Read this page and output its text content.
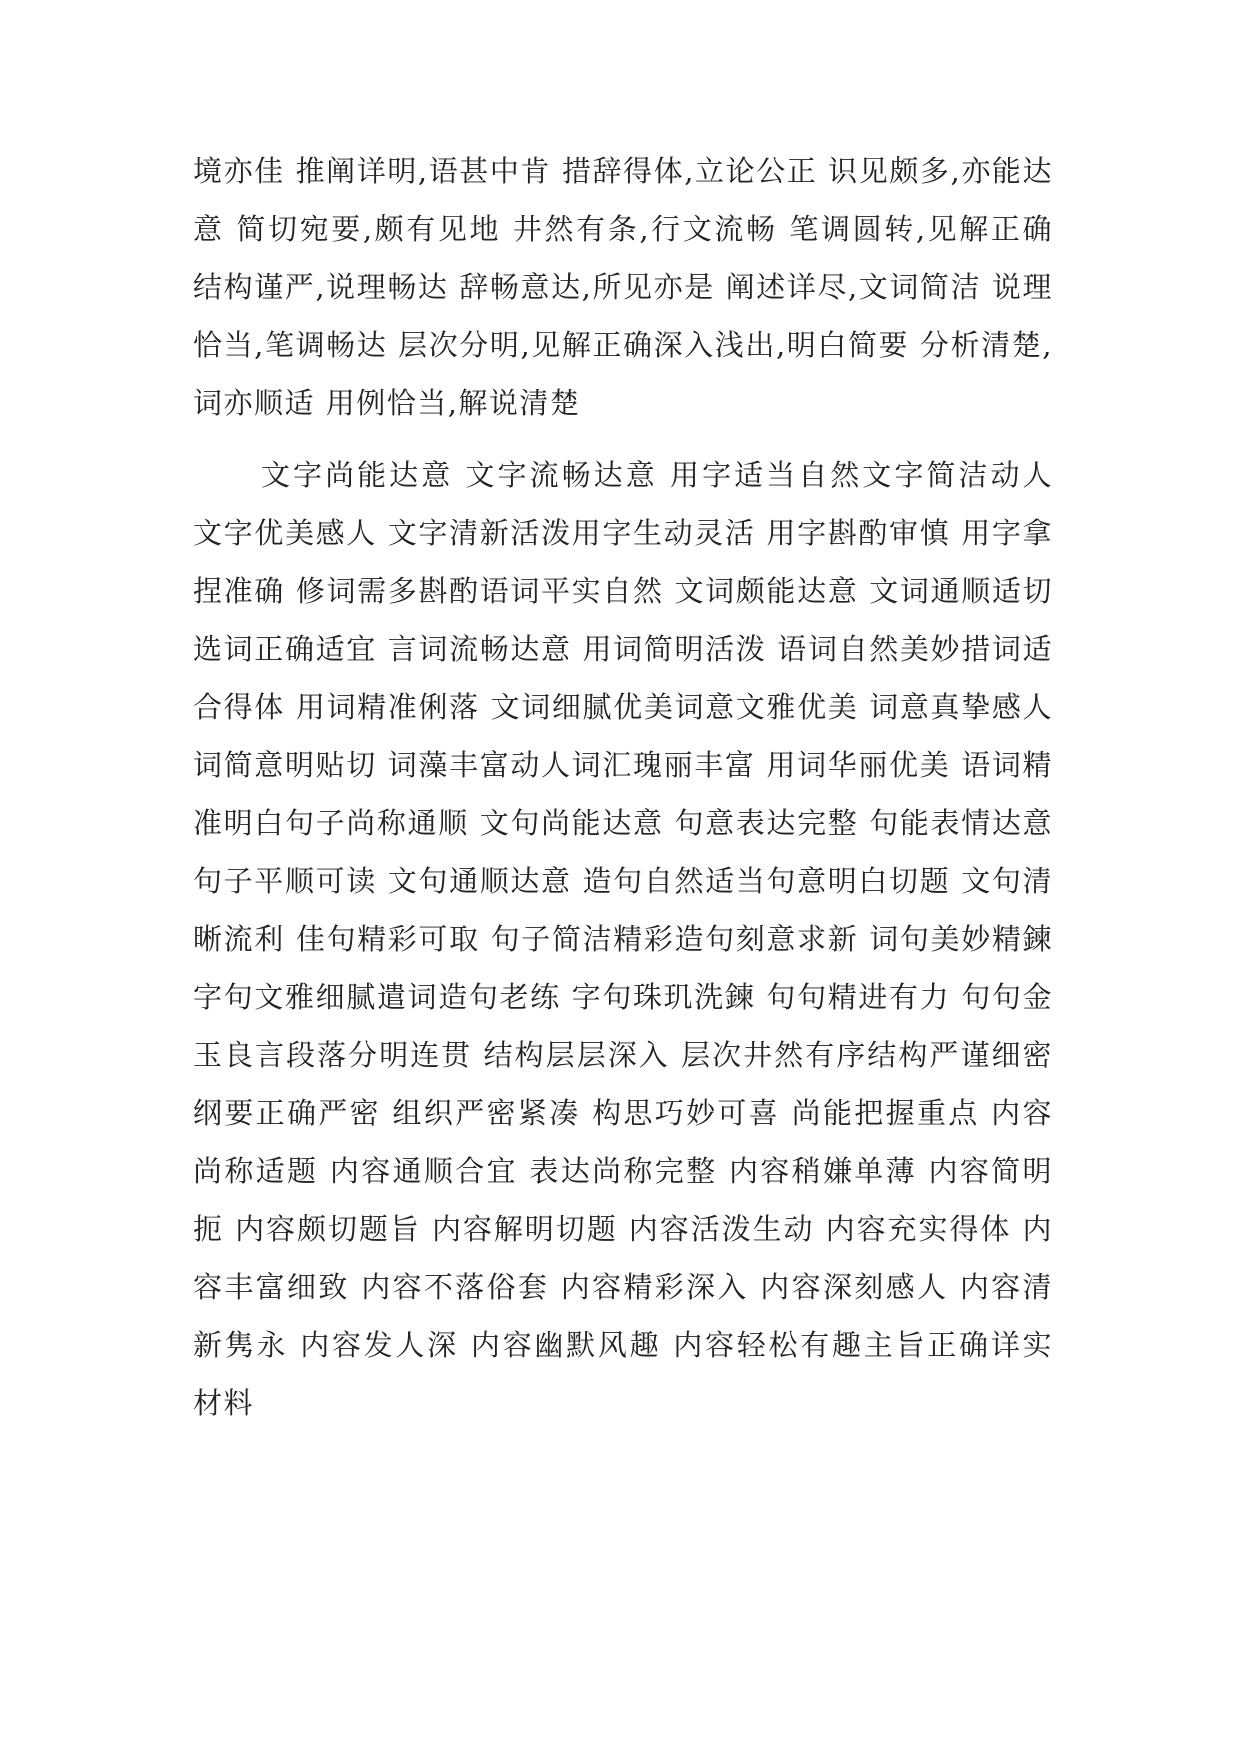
境亦佳 推阐详明,语甚中肯 措辞得体,立论公正 识见颇多,亦能达意 简切宛要,颇有见地 井然有条,行文流畅 笔调圆转,见解正确 结构谨严,说理畅达 辞畅意达,所见亦是 阐述详尽,文词简洁 说理恰当,笔调畅达 层次分明,见解正确深入浅出,明白简要 分析清楚,词亦顺适 用例恰当,解说清楚

文字尚能达意 文字流畅达意 用字适当自然文字简洁动人 文字优美感人 文字清新活泼用字生动灵活 用字斟酌审慎 用字拿捏准确 修词需多斟酌语词平实自然 文词颇能达意 文词通顺适切选词正确适宜 言词流畅达意 用词简明活泼 语词自然美妙措词适合得体 用词精准俐落 文词细腻优美词意文雅优美 词意真挚感人 词简意明贴切 词藻丰富动人词汇瑰丽丰富 用词华丽优美 语词精准明白句子尚称通顺 文句尚能达意 句意表达完整 句能表情达意句子平顺可读 文句通顺达意 造句自然适当句意明白切题 文句清晰流利 佳句精彩可取 句子简洁精彩造句刻意求新 词句美妙精鍊 字句文雅细腻遣词造句老练 字句珠玑洗鍊 句句精进有力 句句金玉良言段落分明连贯 结构层层深入 层次井然有序结构严谨细密 纲要正确严密 组织严密紧凑 构思巧妙可喜 尚能把握重点 内容尚称适题 内容通顺合宜 表达尚称完整 内容稍嫌单薄 内容简明扼 内容颇切题旨 内容解明切题 内容活泼生动 内容充实得体 内容丰富细致 内容不落俗套 内容精彩深入 内容深刻感人 内容清新隽永 内容发人深 内容幽默风趣 内容轻松有趣主旨正确详实 材料
